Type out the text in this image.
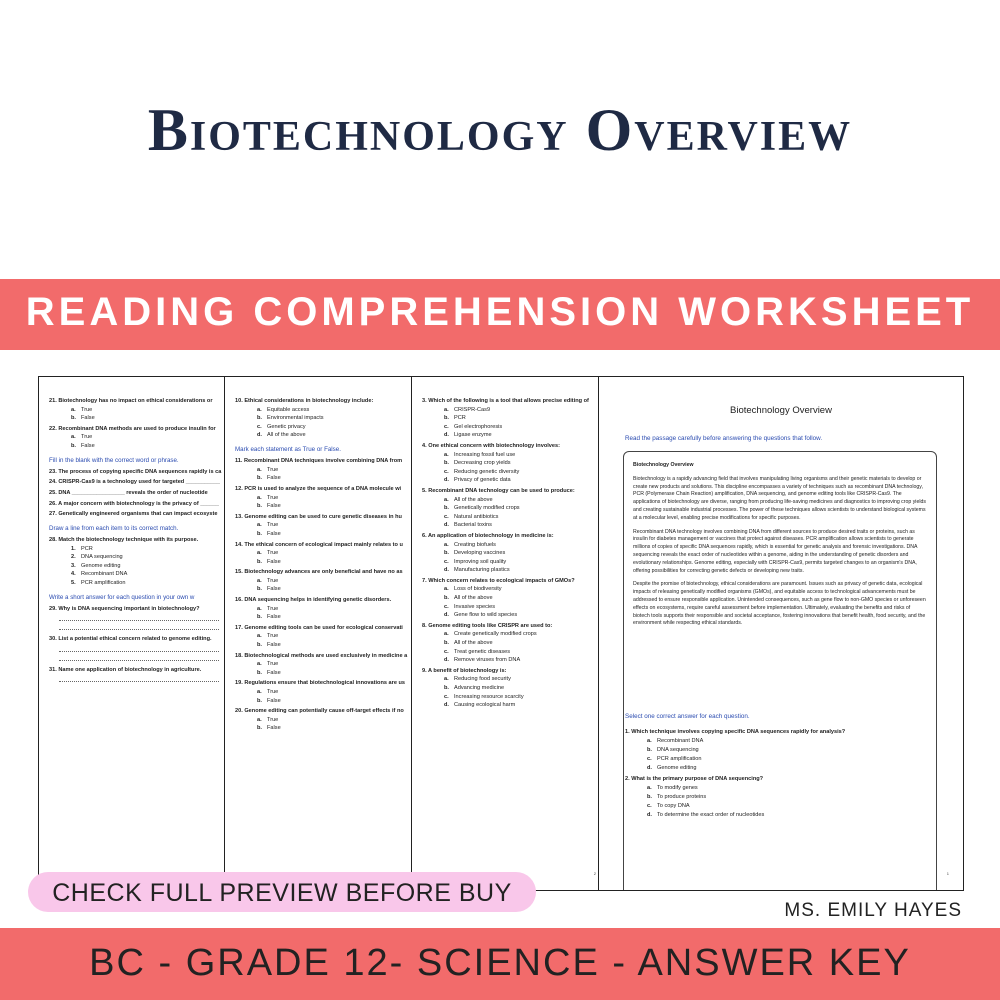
Biotechnology Overview
READING COMPREHENSION WORKSHEET
21. Biotechnology has no impact on ethical considerations or
a. True
b. False
22. Recombinant DNA methods are used to produce insulin for
a. True
b. False
Fill in the blank with the correct word or phrase.
23. The process of copying specific DNA sequences rapidly is ca
24. CRISPR-Cas9 is a technology used for targeted ___________
25. DNA _________________ reveals the order of nucleotide
26. A major concern with biotechnology is the privacy of ______
27. Genetically engineered organisms that can impact ecosyste
Draw a line from each item to its correct match.
28. Match the biotechnology technique with its purpose.
1. PCR
2. DNA sequencing
3. Genome editing
4. Recombinant DNA
5. PCR amplification
Write a short answer for each question in your own w
29. Why is DNA sequencing important in biotechnology?
30. List a potential ethical concern related to genome editing.
31. Name one application of biotechnology in agriculture.
10. Ethical considerations in biotechnology include:
a. Equitable access
b. Environmental impacts
c. Genetic privacy
d. All of the above
Mark each statement as True or False.
11. Recombinant DNA techniques involve combining DNA from
a. True
b. False
12. PCR is used to analyze the sequence of a DNA molecule wi
a. True
b. False
13. Genome editing can be used to cure genetic diseases in hu
a. True
b. False
14. The ethical concern of ecological impact mainly relates to u
a. True
b. False
15. Biotechnology advances are only beneficial and have no as
a. True
b. False
16. DNA sequencing helps in identifying genetic disorders.
a. True
b. False
17. Genome editing tools can be used for ecological conservati
a. True
b. False
18. Biotechnological methods are used exclusively in medicine a
a. True
b. False
19. Regulations ensure that biotechnological innovations are us
a. True
b. False
20. Genome editing can potentially cause off-target effects if no
a. True
b. False
3. Which of the following is a tool that allows precise editing of
a. CRISPR-Cas9
b. PCR
c. Gel electrophoresis
d. Ligase enzyme
4. One ethical concern with biotechnology involves:
a. Increasing fossil fuel use
b. Decreasing crop yields
c. Reducing genetic diversity
d. Privacy of genetic data
5. Recombinant DNA technology can be used to produce:
a. All of the above
b. Genetically modified crops
c. Natural antibiotics
d. Bacterial toxins
6. An application of biotechnology in medicine is:
a. Creating biofuels
b. Developing vaccines
c. Improving soil quality
d. Manufacturing plastics
7. Which concern relates to ecological impacts of GMOs?
a. Loss of biodiversity
b. All of the above
c. Invasive species
d. Gene flow to wild species
8. Genome editing tools like CRISPR are used to:
a. Create genetically modified crops
b. All of the above
c. Treat genetic diseases
d. Remove viruses from DNA
9. A benefit of biotechnology is:
a. Reducing food security
b. Advancing medicine
c. Increasing resource scarcity
d. Causing ecological harm
2
Biotechnology Overview
Read the passage carefully before answering the questions that follow.
Biotechnology Overview

Biotechnology is a rapidly advancing field that involves manipulating living organisms and their genetic materials to develop or create new products and solutions. This discipline encompasses a variety of techniques such as recombinant DNA technology, PCR (Polymerase Chain Reaction) amplification, DNA sequencing, and genome editing tools like CRISPR-Cas9. The applications of biotechnology are diverse, ranging from producing life-saving medicines and diagnostics to improving crop yields and creating sustainable industrial processes. The power of these techniques allows scientists to understand biological systems at a molecular level, enabling precise modifications for specific purposes.

Recombinant DNA technology involves combining DNA from different sources to produce desired traits or proteins, such as insulin for diabetes management or vaccines that protect against diseases. PCR amplification allows scientists to generate millions of copies of specific DNA sequences rapidly, which is essential for genetic analysis and forensic investigations. DNA sequencing reveals the exact order of nucleotides within a genome, aiding in the understanding of genetic disorders and evolutionary relationships. Genome editing, especially with CRISPR-Cas9, permits targeted changes to an organism's DNA, offering possibilities for correcting genetic defects or developing new traits.

Despite the promise of biotechnology, ethical considerations are paramount. Issues such as privacy of genetic data, ecological impacts of releasing genetically modified organisms (GMOs), and equitable access to technological advancements must be addressed to ensure responsible application. Unintended consequences, such as gene flow to non-GMO species or unforeseen effects on ecosystems, require careful assessment before implementation. Ultimately, evaluating the benefits and risks of biotech tools supports their responsible and societal acceptance, fostering innovations that benefit health, food security, and the environment while respecting ethical standards.

Select one correct answer for each question.
1. Which technique involves copying specific DNA sequences rapidly for analysis?
a. Recombinant DNA
b. DNA sequencing
c. PCR amplification
d. Genome editing
2. What is the primary purpose of DNA sequencing?
a. To modify genes
b. To produce proteins
c. To copy DNA
d. To determine the exact order of nucleotides
1
CHECK FULL PREVIEW BEFORE BUY
MS. EMILY HAYES
BC - GRADE 12- SCIENCE - ANSWER KEY
